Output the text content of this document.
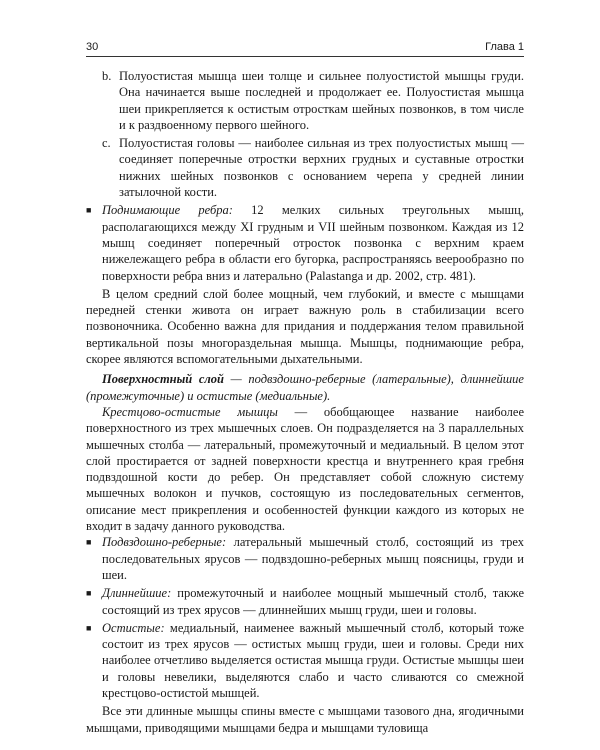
30	Глава 1
b. Полуостистая мышца шеи толще и сильнее полуостистой мышцы груди. Она начинается выше последней и продолжает ее. Полуостистая мышца шеи прикрепляется к остистым отросткам шейных позвонков, в том числе и к раздвоенному первого шейного.
c. Полуостистая головы — наиболее сильная из трех полуостистых мышц — соединяет поперечные отростки верхних грудных и суставные отростки нижних шейных позвонков с основанием черепа у средней линии затылочной кости.
■ Поднимающие ребра: 12 мелких сильных треугольных мышц, располагающихся между XI грудным и VII шейным позвонком. Каждая из 12 мышц соединяет поперечный отросток позвонка с верхним краем нижележащего ребра в области его бугорка, распространяясь веерообразно по поверхности ребра вниз и латерально (Palastanga и др. 2002, стр. 481).

В целом средний слой более мощный, чем глубокий, и вместе с мышцами передней стенки живота он играет важную роль в стабилизации всего позвоночника. Особенно важна для придания и поддержания телом правильной вертикальной позы многораздельная мышца. Мышцы, поднимающие ребра, скорее являются вспомогательными дыхательными.

Поверхностный слой — подвздошно-реберные (латеральные), длиннейшие (промежуточные) и остистые (медиальные).

Крестцово-остистые мышцы — обобщающее название наиболее поверхностного из трех мышечных слоев. Он подразделяется на 3 параллельных мышечных столба — латеральный, промежуточный и медиальный. В целом этот слой простирается от задней поверхности крестца и внутреннего края гребня подвздошной кости до ребер. Он представляет собой сложную систему мышечных волокон и пучков, состоящую из последовательных сегментов, описание мест прикрепления и особенностей функции каждого из которых не входит в задачу данного руководства.

■ Подвздошно-реберные: латеральный мышечный столб, состоящий из трех последовательных ярусов — подвздошно-реберных мышц поясницы, груди и шеи.
■ Длиннейшие: промежуточный и наиболее мощный мышечный столб, также состоящий из трех ярусов — длиннейших мышц груди, шеи и головы.
■ Остистые: медиальный, наименее важный мышечный столб, который тоже состоит из трех ярусов — остистых мышц груди, шеи и головы. Среди них наиболее отчетливо выделяется остистая мышца груди. Остистые мышцы шеи и головы невелики, выделяются слабо и часто сливаются со смежной крестцово-остистой мышцей.

Все эти длинные мышцы спины вместе с мышцами тазового дна, ягодичными мышцами, приводящими мышцами бедра и мышцами туловища
